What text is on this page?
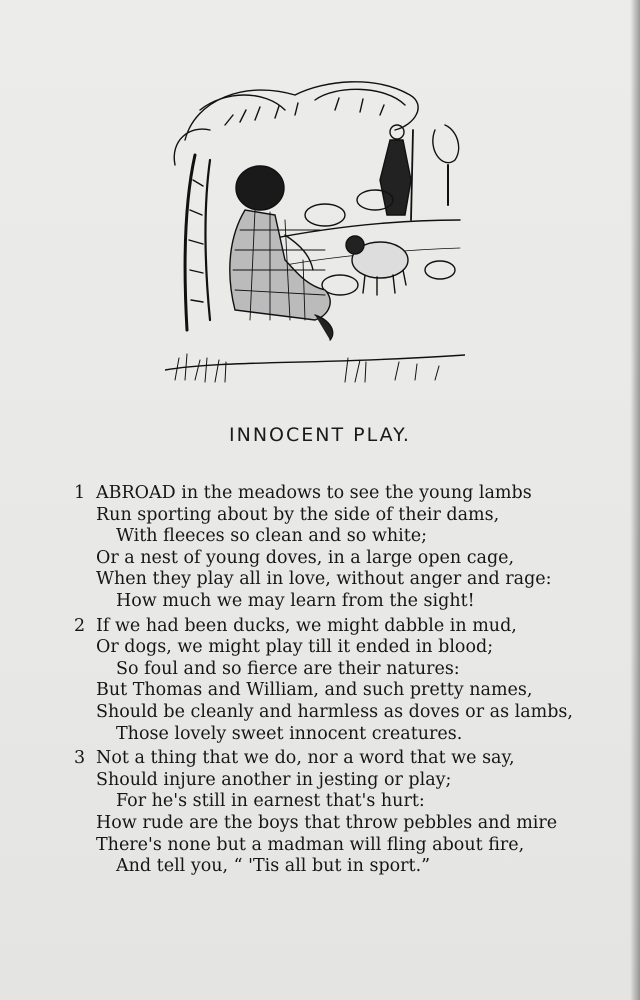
INNOCENT PLAY.
1 ABROAD in the meadows to see the young lambs
Run sporting about by the side of their dams,
With fleeces so clean and so white;
Or a nest of young doves, in a large open cage,
When they play all in love, without anger and rage:
How much we may learn from the sight!
2 If we had been ducks, we might dabble in mud,
Or dogs, we might play till it ended in blood;
So foul and so fierce are their natures:
But Thomas and William, and such pretty names,
Should be cleanly and harmless as doves or as lambs,
Those lovely sweet innocent creatures.
3 Not a thing that we do, nor a word that we say,
Should injure another in jesting or play;
For he's still in earnest that's hurt:
How rude are the boys that throw pebbles and mire
There's none but a madman will fling about fire,
And tell you, “ 'Tis all but in sport.”
